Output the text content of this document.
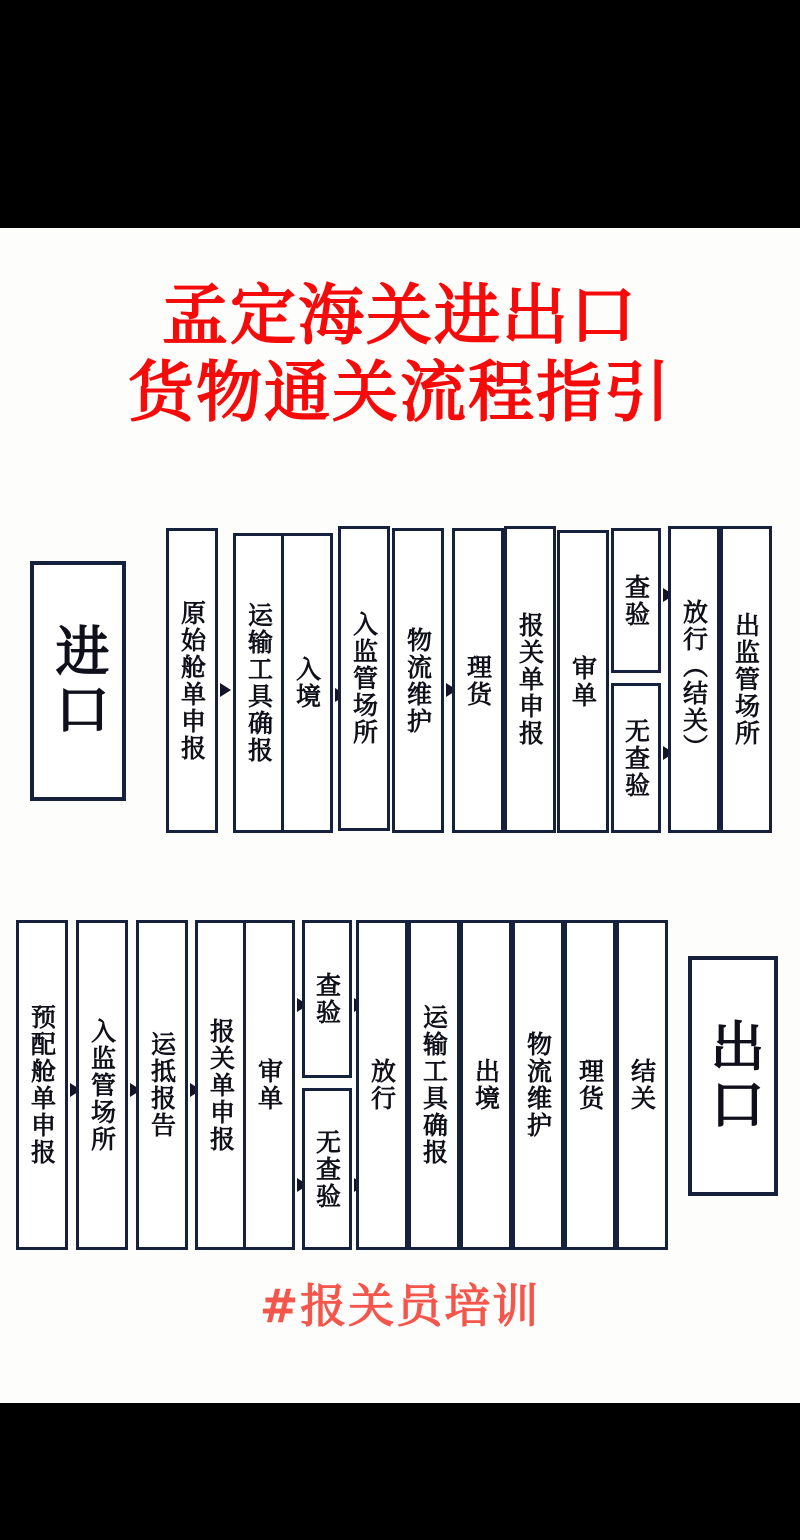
孟定海关进出口
货物通关流程指引
进口	原始舱单申报 运输工具确报 入境 入监管场所 物流维护 理货 报关单申报 审单
查验
无查验 放行（结关） 出监管场所
预配舱单申报 入监管场所 运抵报告 报关单申报 审单
查验
无查验
放行 运输工具确报 出境 物流维护 理货 结关 出口
#报关员培训
